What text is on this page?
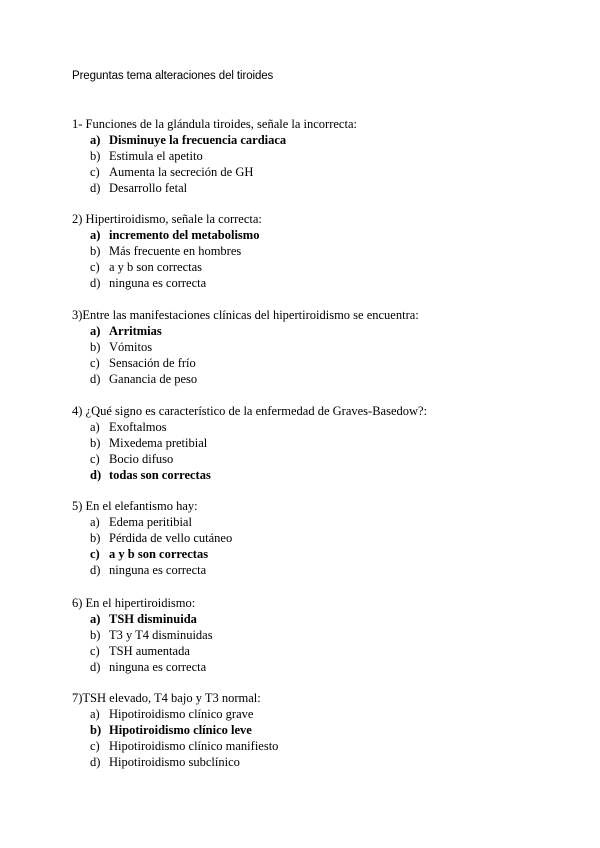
Preguntas tema alteraciones del tiroides
1- Funciones de la glándula tiroides, señale la incorrecta:
a) Disminuye la frecuencia cardiaca
b) Estimula el apetito
c) Aumenta la secreción de GH
d) Desarrollo fetal
2) Hipertiroidismo, señale la correcta:
a) incremento del metabolismo
b) Más frecuente en hombres
c) a y b son correctas
d) ninguna es correcta
3)Entre las manifestaciones clínicas del hipertiroidismo se encuentra:
a) Arritmias
b) Vómitos
c) Sensación de frío
d) Ganancia de peso
4) ¿Qué signo es característico de la enfermedad de Graves-Basedow?:
a) Exoftalmos
b) Mixedema pretibial
c) Bocio difuso
d) todas son correctas
5) En el elefantismo hay:
a) Edema peritibial
b) Pérdida de vello cutáneo
c) a y b son correctas
d) ninguna es correcta
6) En el hipertiroidismo:
a) TSH disminuida
b) T3 y T4 disminuidas
c) TSH aumentada
d) ninguna es correcta
7)TSH elevado, T4 bajo y T3 normal:
a) Hipotiroidismo clínico grave
b) Hipotiroidismo clínico leve
c) Hipotiroidismo clínico manifiesto
d) Hipotiroidismo subclínico
